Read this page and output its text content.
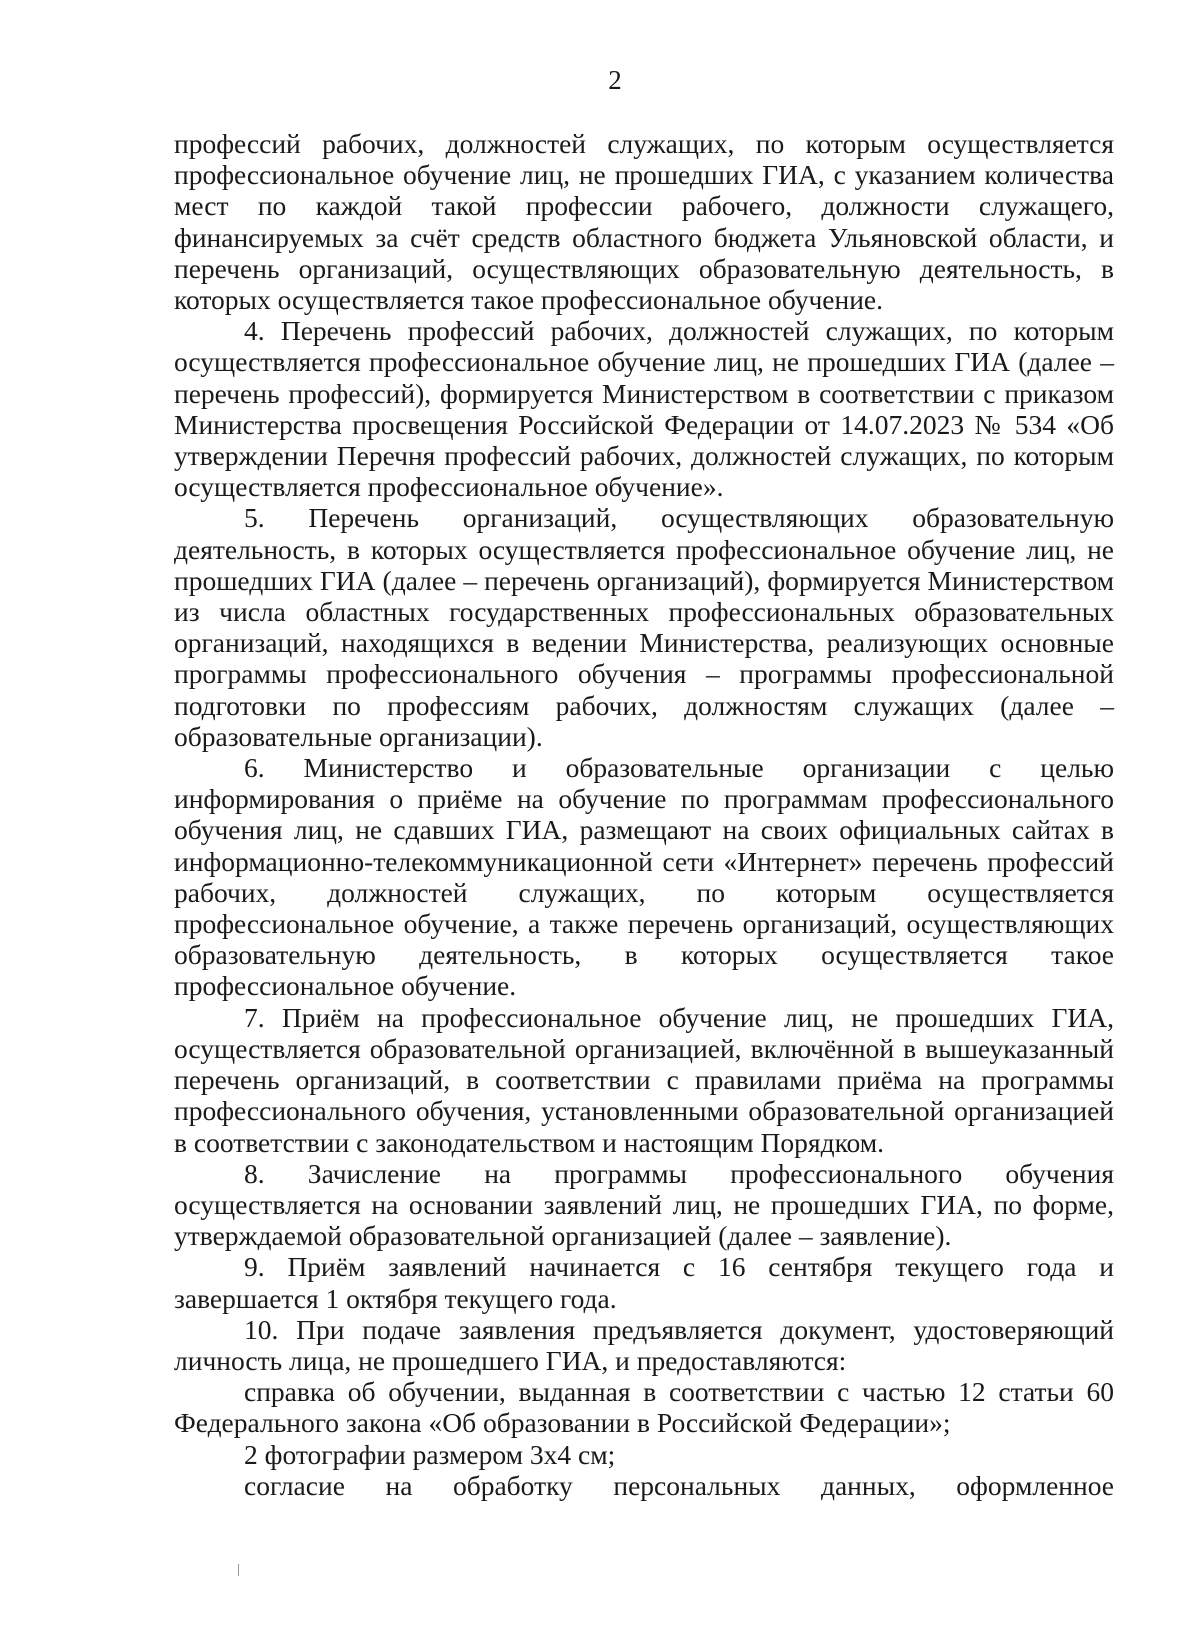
2

профессий рабочих, должностей служащих, по которым осуществляется профессиональное обучение лиц, не прошедших ГИА, с указанием количества мест по каждой такой профессии рабочего, должности служащего, финансируемых за счёт средств областного бюджета Ульяновской области, и перечень организаций, осуществляющих образовательную деятельность, в которых осуществляется такое профессиональное обучение.

4. Перечень профессий рабочих, должностей служащих, по которым осуществляется профессиональное обучение лиц, не прошедших ГИА (далее – перечень профессий), формируется Министерством в соответствии с приказом Министерства просвещения Российской Федерации от 14.07.2023 № 534 «Об утверждении Перечня профессий рабочих, должностей служащих, по которым осуществляется профессиональное обучение».

5. Перечень организаций, осуществляющих образовательную деятельность, в которых осуществляется профессиональное обучение лиц, не прошедших ГИА (далее – перечень организаций), формируется Министерством из числа областных государственных профессиональных образовательных организаций, находящихся в ведении Министерства, реализующих основные программы профессионального обучения – программы профессиональной подготовки по профессиям рабочих, должностям служащих (далее – образовательные организации).

6. Министерство и образовательные организации с целью информирования о приёме на обучение по программам профессионального обучения лиц, не сдавших ГИА, размещают на своих официальных сайтах в информационно-телекоммуникационной сети «Интернет» перечень профессий рабочих, должностей служащих, по которым осуществляется профессиональное обучение, а также перечень организаций, осуществляющих образовательную деятельность, в которых осуществляется такое профессиональное обучение.

7. Приём на профессиональное обучение лиц, не прошедших ГИА, осуществляется образовательной организацией, включённой в вышеуказанный перечень организаций, в соответствии с правилами приёма на программы профессионального обучения, установленными образовательной организацией в соответствии с законодательством и настоящим Порядком.

8. Зачисление на программы профессионального обучения осуществляется на основании заявлений лиц, не прошедших ГИА, по форме, утверждаемой образовательной организацией (далее – заявление).

9. Приём заявлений начинается с 16 сентября текущего года и завершается 1 октября текущего года.

10. При подаче заявления предъявляется документ, удостоверяющий личность лица, не прошедшего ГИА, и предоставляются:

справка об обучении, выданная в соответствии с частью 12 статьи 60 Федерального закона «Об образовании в Российской Федерации»;

2 фотографии размером 3х4 см;

согласие на обработку персональных данных, оформленное
